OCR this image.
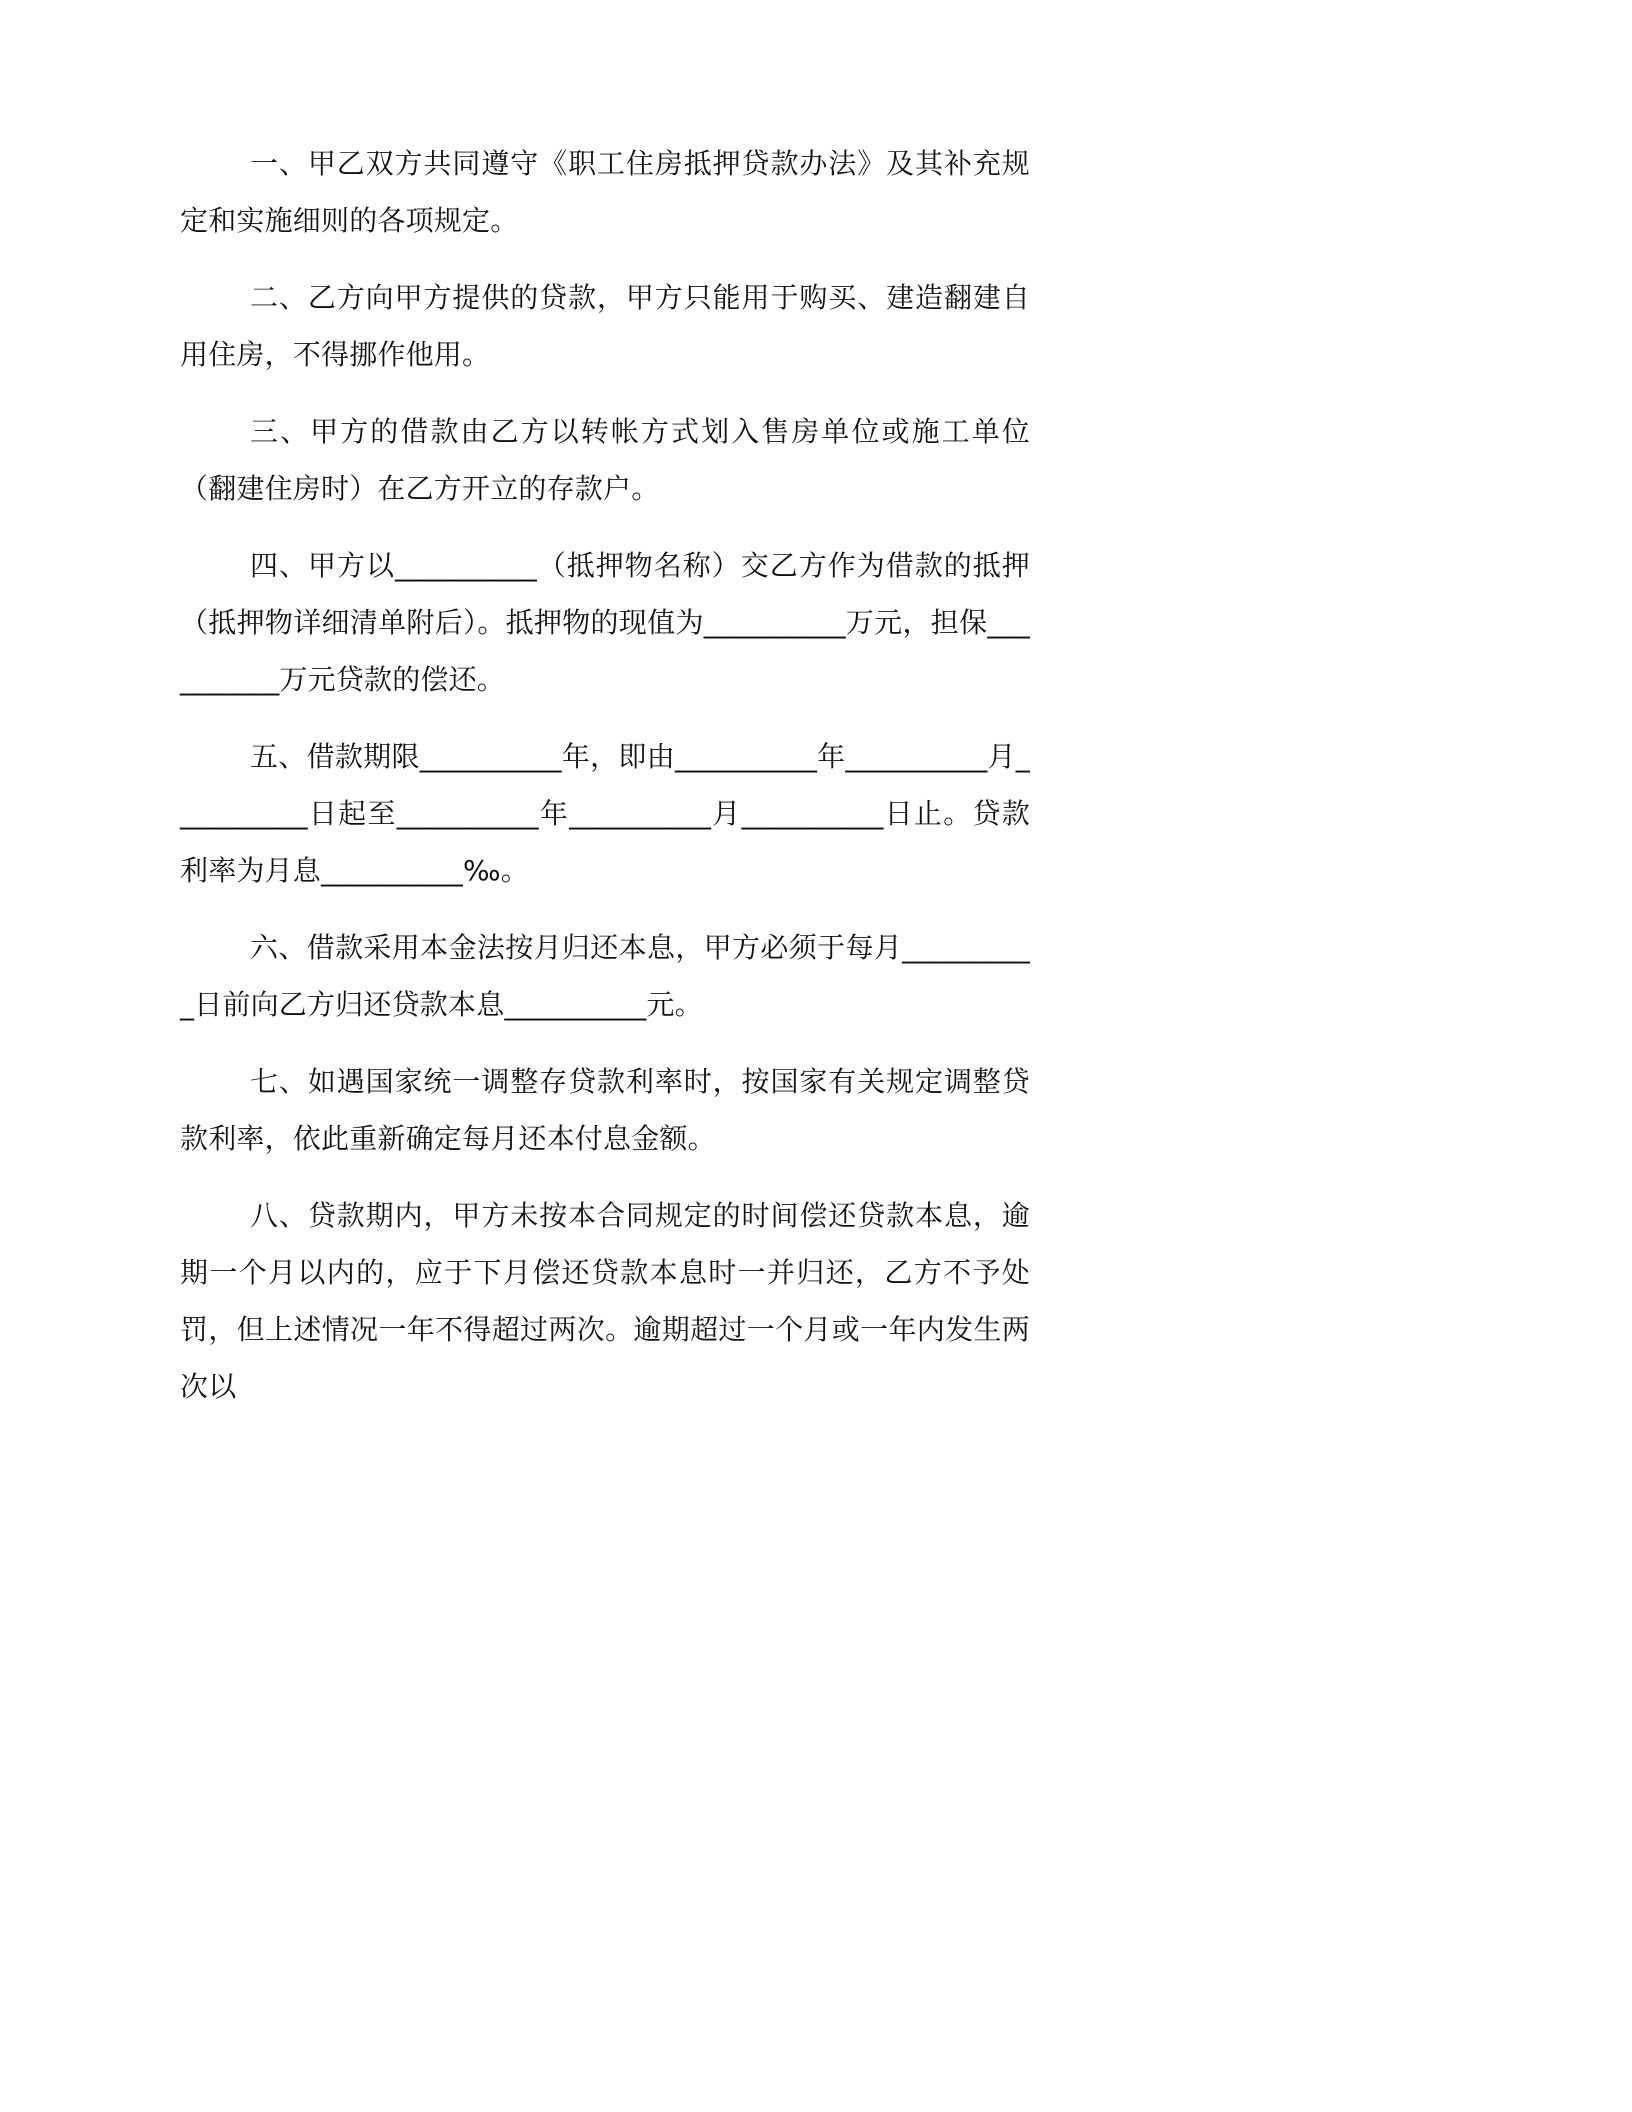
一、甲乙双方共同遵守《职工住房抵押贷款办法》及其补充规定和实施细则的各项规定。

二、乙方向甲方提供的贷款，甲方只能用于购买、建造翻建自用住房，不得挪作他用。

三、甲方的借款由乙方以转帐方式划入售房单位或施工单位（翻建住房时）在乙方开立的存款户。

四、甲方以__________（抵押物名称）交乙方作为借款的抵押（抵押物详细清单附后）。抵押物的现值为__________万元，担保__________万元贷款的偿还。

五、借款期限__________年，即由__________年__________月__________日起至__________年__________月__________日止。贷款利率为月息__________‰。

六、借款采用本金法按月归还本息，甲方必须于每月__________日前向乙方归还贷款本息__________元。

七、如遇国家统一调整存贷款利率时，按国家有关规定调整贷款利率，依此重新确定每月还本付息金额。

八、贷款期内，甲方未按本合同规定的时间偿还贷款本息，逾期一个月以内的，应于下月偿还贷款本息时一并归还，乙方不予处罚，但上述情况一年不得超过两次。逾期超过一个月或一年内发生两次以
